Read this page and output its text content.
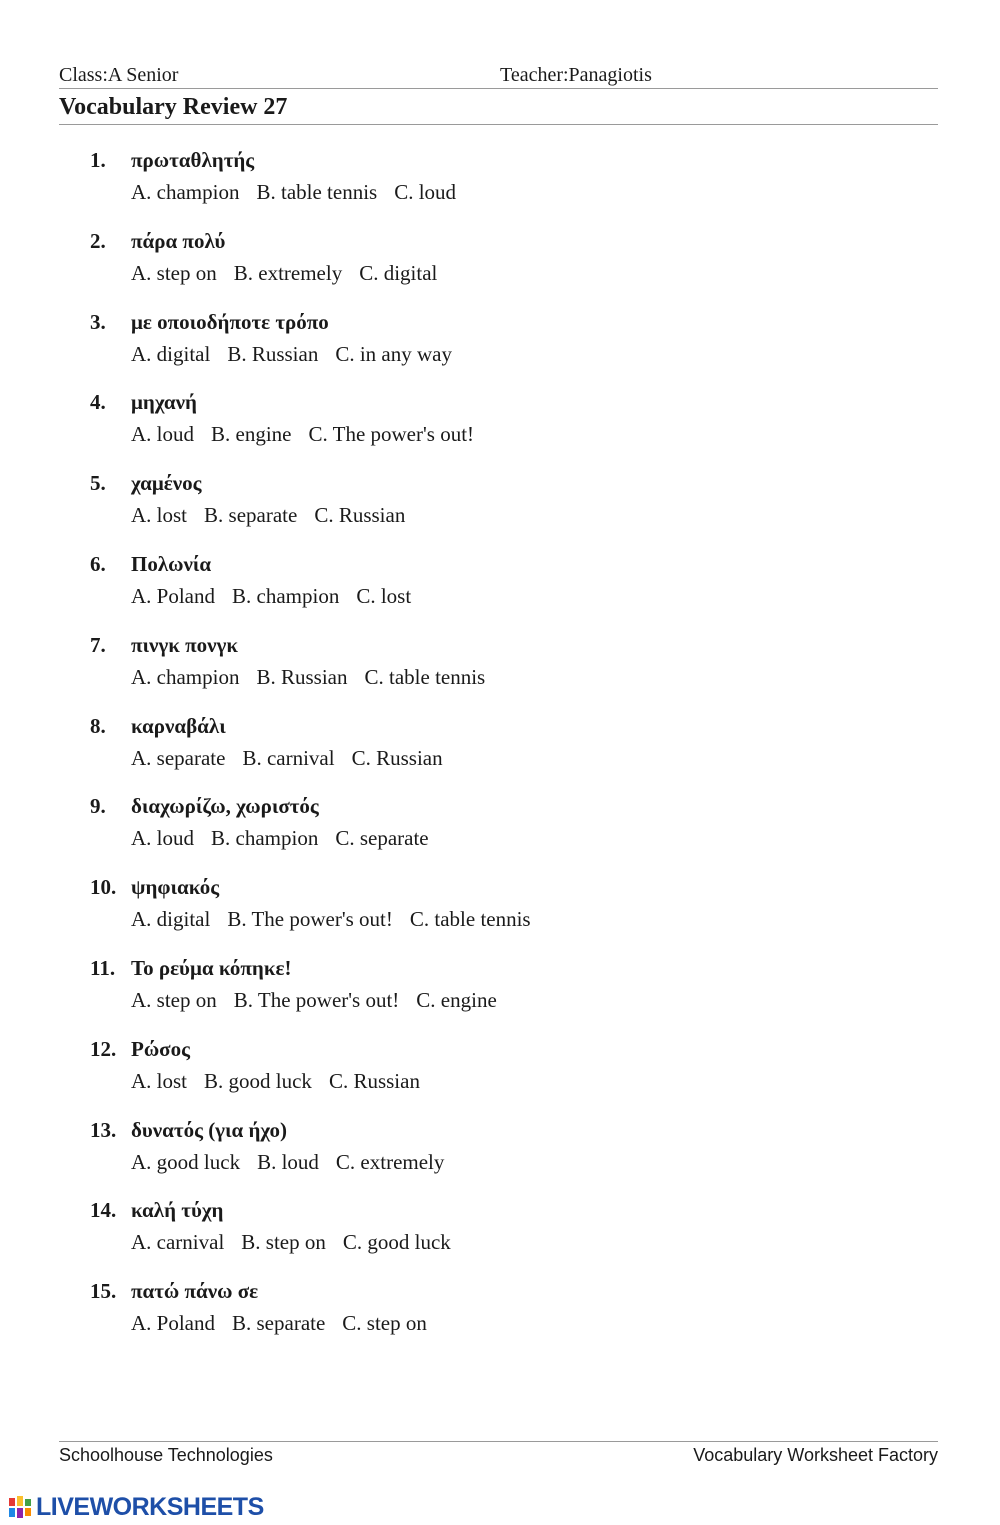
Class:A Senior	Teacher:Panagiotis
Vocabulary Review 27
1. πρωταθλητής
A. champion B. table tennis C. loud
2. πάρα πολύ
A. step on B. extremely C. digital
3. με οποιοδήποτε τρόπο
A. digital B. Russian C. in any way
4. μηχανή
A. loud B. engine C. The power's out!
5. χαμένος
A. lost B. separate C. Russian
6. Πολωνία
A. Poland B. champion C. lost
7. πινγκ πονγκ
A. champion B. Russian C. table tennis
8. καρναβάλι
A. separate B. carnival C. Russian
9. διαχωρίζω, χωριστός
A. loud B. champion C. separate
10. ψηφιακός
A. digital B. The power's out! C. table tennis
11. Το ρεύμα κόπηκε!
A. step on B. The power's out! C. engine
12. Ρώσος
A. lost B. good luck C. Russian
13. δυνατός (για ήχο)
A. good luck B. loud C. extremely
14. καλή τύχη
A. carnival B. step on C. good luck
15. πατώ πάνω σε
A. Poland B. separate C. step on
Schoolhouse Technologies	Vocabulary Worksheet Factory
LIVEWORKSHEETS
